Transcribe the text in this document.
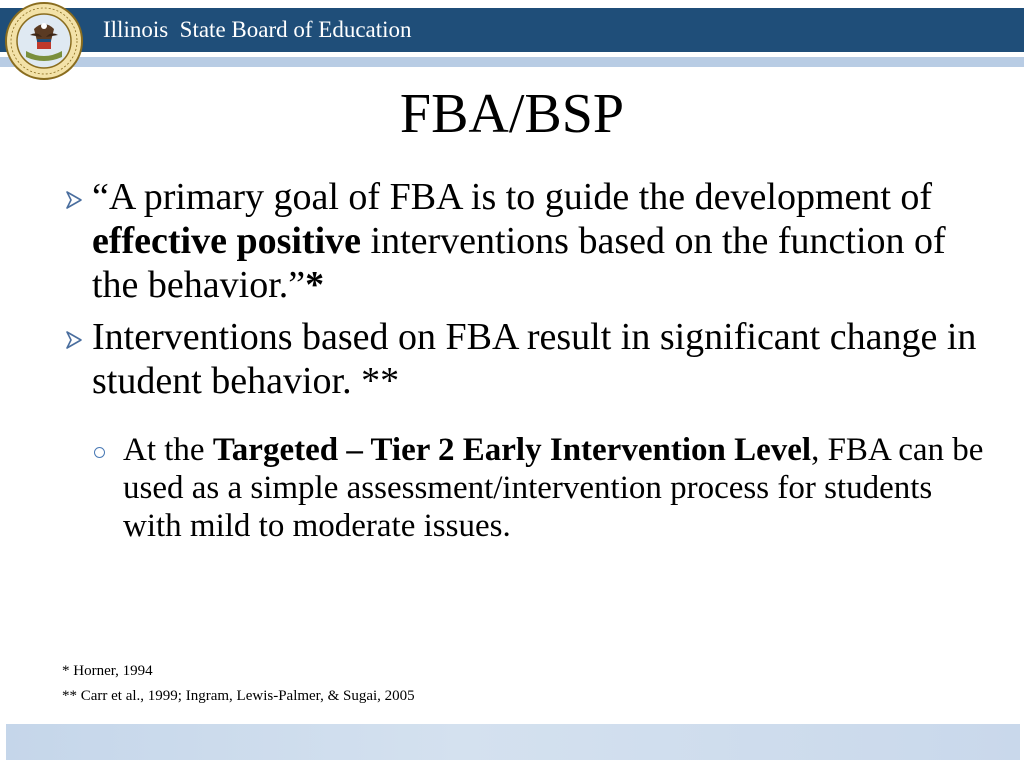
Illinois  State Board of Education
FBA/BSP
“A primary goal of FBA is to guide the development of effective positive interventions based on the function of the behavior.”*
Interventions based on FBA result in significant change in student behavior. **
At the Targeted – Tier 2 Early Intervention Level, FBA can be used as a simple assessment/intervention process for students with mild to moderate issues.
* Horner, 1994
** Carr et al., 1999; Ingram, Lewis-Palmer, & Sugai, 2005
